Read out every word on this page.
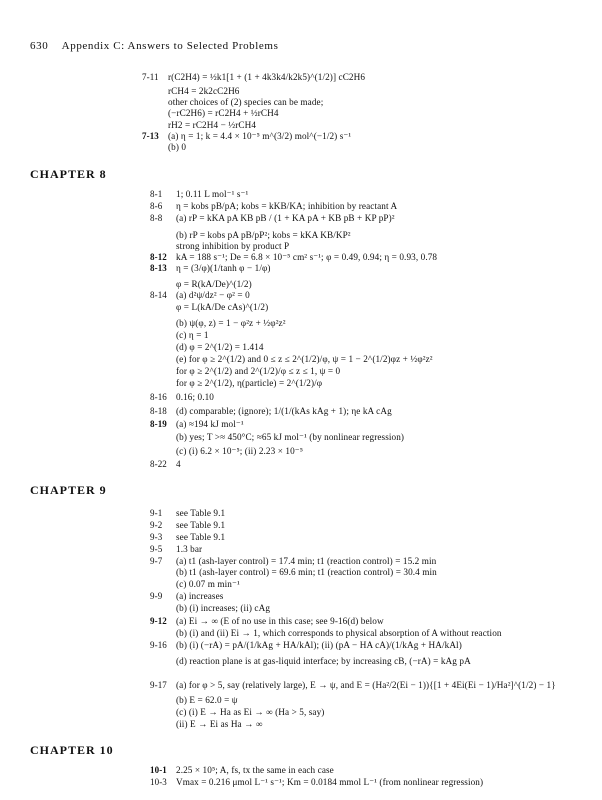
630 Appendix C: Answers to Selected Problems
7-11 r(C2H4) = ½k1[1 + (1 + 4k3k4/k2k5)^(1/2)] cC2H6
rCH4 = 2k2cC2H6
other choices of (2) species can be made;
(−rC2H6) = rC2H4 + ½rCH4
rH2 = rC2H4 − ½rCH4
7-13 (a) η = 1; k = 4.4 × 10⁻⁵ m^(3/2) mol^(−1/2) s⁻¹
(b) 0
CHAPTER 8
8-1 1; 0.11 L mol⁻¹ s⁻¹
8-6 η = kobs pB/pA; kobs = kKB/KA; inhibition by reactant A
8-8 (a) rP = kKA pA KB pB / (1 + KA pA + KB pB + KP pP)²
(b) rP = kobs pA pB/pP²; kobs = kKA KB/KP²
strong inhibition by product P
8-12 kA = 188 s⁻¹; De = 6.8 × 10⁻⁵ cm² s⁻¹; φ = 0.49, 0.94; η = 0.93, 0.78
8-13 η = (3/φ)(1/tanh φ − 1/φ)
φ = R(kA/De)^(1/2)
8-14 (a) d²ψ/dz² − φ² = 0
φ = L(kA/De cAs)^(1/2)
(b) ψ(φ, z) = 1 − φ²z + ½φ²z²
(c) η = 1
(d) φ = 2^(1/2) = 1.414
(e) for φ ≥ 2^(1/2) and 0 ≤ z ≤ 2^(1/2)/φ, ψ = 1 − 2^(1/2)φz + ½φ²z²
for φ ≥ 2^(1/2) and 2^(1/2)/φ ≤ z ≤ 1, ψ = 0
for φ ≥ 2^(1/2), η(particle) = 2^(1/2)/φ
8-16 0.16; 0.10
8-18 (d) comparable; (ignore); 1/(1/(kAs kAg + 1); ηe kA cAg
8-19 (a) ≈194 kJ mol⁻¹
(b) yes; T >≈ 450°C; ≈65 kJ mol⁻¹ (by nonlinear regression)
(c) (i) 6.2 × 10⁻⁵; (ii) 2.23 × 10⁻⁵
8-22 4
CHAPTER 9
9-1 see Table 9.1
9-2 see Table 9.1
9-3 see Table 9.1
9-5 1.3 bar
9-7 (a) t1 (ash-layer control) = 17.4 min; t1 (reaction control) = 15.2 min
(b) t1 (ash-layer control) = 69.6 min; t1 (reaction control) = 30.4 min
(c) 0.07 m min⁻¹
9-9 (a) increases
(b) (i) increases; (ii) cAg
9-12 (a) Ei → ∞ (E of no use in this case; see 9-16(d) below
(b) (i) and (ii) Ei → 1, which corresponds to physical absorption of A without reaction
9-16 (b) (i) (−rA) = pA/(1/kAg + HA/kAl); (ii) (pA − HA cA)/(1/kAg + HA/kAl)
(d) reaction plane is at gas-liquid interface; by increasing cB, (−rA) = kAg pA
9-17 (a) for φ > 5, say (relatively large), E → ψ, and E = (Ha²/2(Ei − 1)){[1 + 4Ei(Ei − 1)/Ha²]^(1/2) − 1}
(b) E = 62.0 = ψ
(c) (i) E → Ha as Ei → ∞ (Ha > 5, say)
(ii) E → Ei as Ha → ∞
CHAPTER 10
10-1 2.25 × 10⁵; A, fs, tx the same in each case
10-3 Vmax = 0.216 μmol L⁻¹ s⁻¹; Km = 0.0184 mmol L⁻¹ (from nonlinear regression)
